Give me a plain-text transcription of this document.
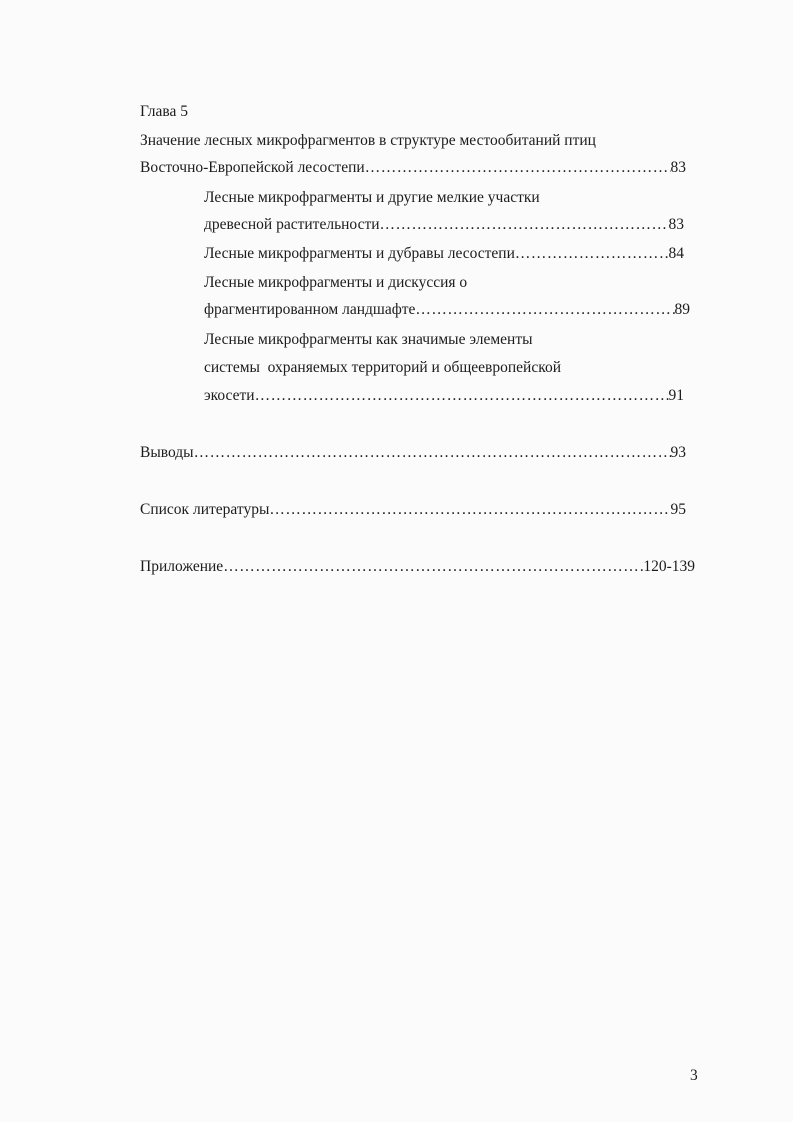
Глава 5
Значение лесных микрофрагментов в структуре местообитаний птиц
Восточно-Европейской лесостепи ………………………………………………………………………………………………	83
Лесные микрофрагменты и другие мелкие участки
древесной растительности ………………………………………………………………………………………………	83
Лесные микрофрагменты и дубравы лесостепи ………………………………………………………………………………………………	84
Лесные микрофрагменты и дискуссия о
фрагментированном ландшафте ………………………………………………………………………………………………	89
Лесные микрофрагменты как значимые элементы
системы  охраняемых территорий и общеевропейской
экосети ………………………………………………………………………………………………	91
Выводы ………………………………………………………………………………………………	93
Список литературы ………………………………………………………………………………………………	95
Приложение ………………………………………………………………………………………………	120-139
3
